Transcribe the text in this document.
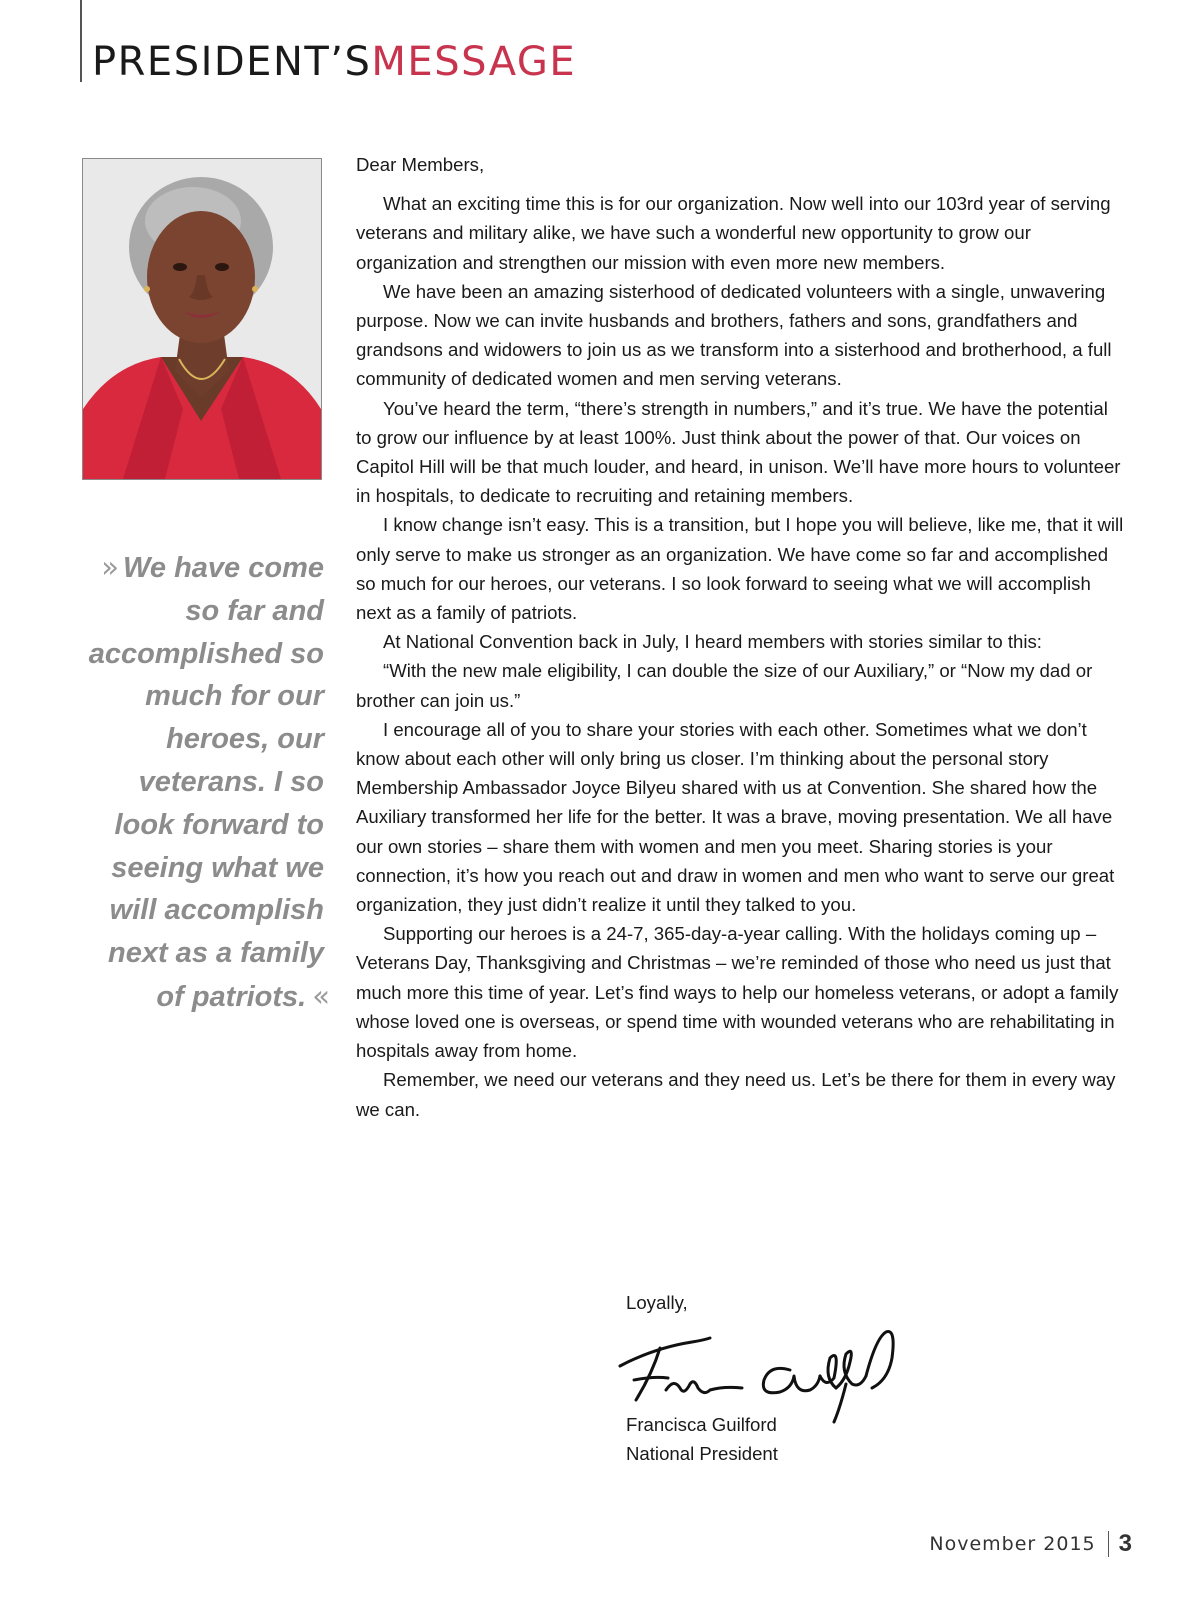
PRESIDENT’SMESSAGE
» We have come so far and accomplished so much for our heroes, our veterans. I so look forward to seeing what we will accomplish next as a family of patriots. «
Dear Members,

What an exciting time this is for our organization. Now well into our 103rd year of serving veterans and military alike, we have such a wonderful new opportunity to grow our organization and strengthen our mission with even more new members.

We have been an amazing sisterhood of dedicated volunteers with a single, unwavering purpose. Now we can invite husbands and brothers, fathers and sons, grandfathers and grandsons and widowers to join us as we transform into a sisterhood and brotherhood, a full community of dedicated women and men serving veterans.

You’ve heard the term, “there’s strength in numbers,” and it’s true. We have the potential to grow our influence by at least 100%. Just think about the power of that. Our voices on Capitol Hill will be that much louder, and heard, in unison. We’ll have more hours to volunteer in hospitals, to dedicate to recruiting and retaining members.

I know change isn’t easy. This is a transition, but I hope you will believe, like me, that it will only serve to make us stronger as an organization. We have come so far and accomplished so much for our heroes, our veterans. I so look forward to seeing what we will accomplish next as a family of patriots.

At National Convention back in July, I heard members with stories similar to this:

“With the new male eligibility, I can double the size of our Auxiliary,” or “Now my dad or brother can join us.”

I encourage all of you to share your stories with each other. Sometimes what we don’t know about each other will only bring us closer. I’m thinking about the personal story Membership Ambassador Joyce Bilyeu shared with us at Convention. She shared how the Auxiliary transformed her life for the better. It was a brave, moving presentation. We all have our own stories – share them with women and men you meet. Sharing stories is your connection, it’s how you reach out and draw in women and men who want to serve our great organization, they just didn’t realize it until they talked to you.

Supporting our heroes is a 24-7, 365-day-a-year calling. With the holidays coming up – Veterans Day, Thanksgiving and Christmas – we’re reminded of those who need us just that much more this time of year. Let’s find ways to help our homeless veterans, or adopt a family whose loved one is overseas, or spend time with wounded veterans who are rehabilitating in hospitals away from home.

Remember, we need our veterans and they need us. Let’s be there for them in every way we can.

Loyally,
Francisca Guilford
National President
November 2015 3
